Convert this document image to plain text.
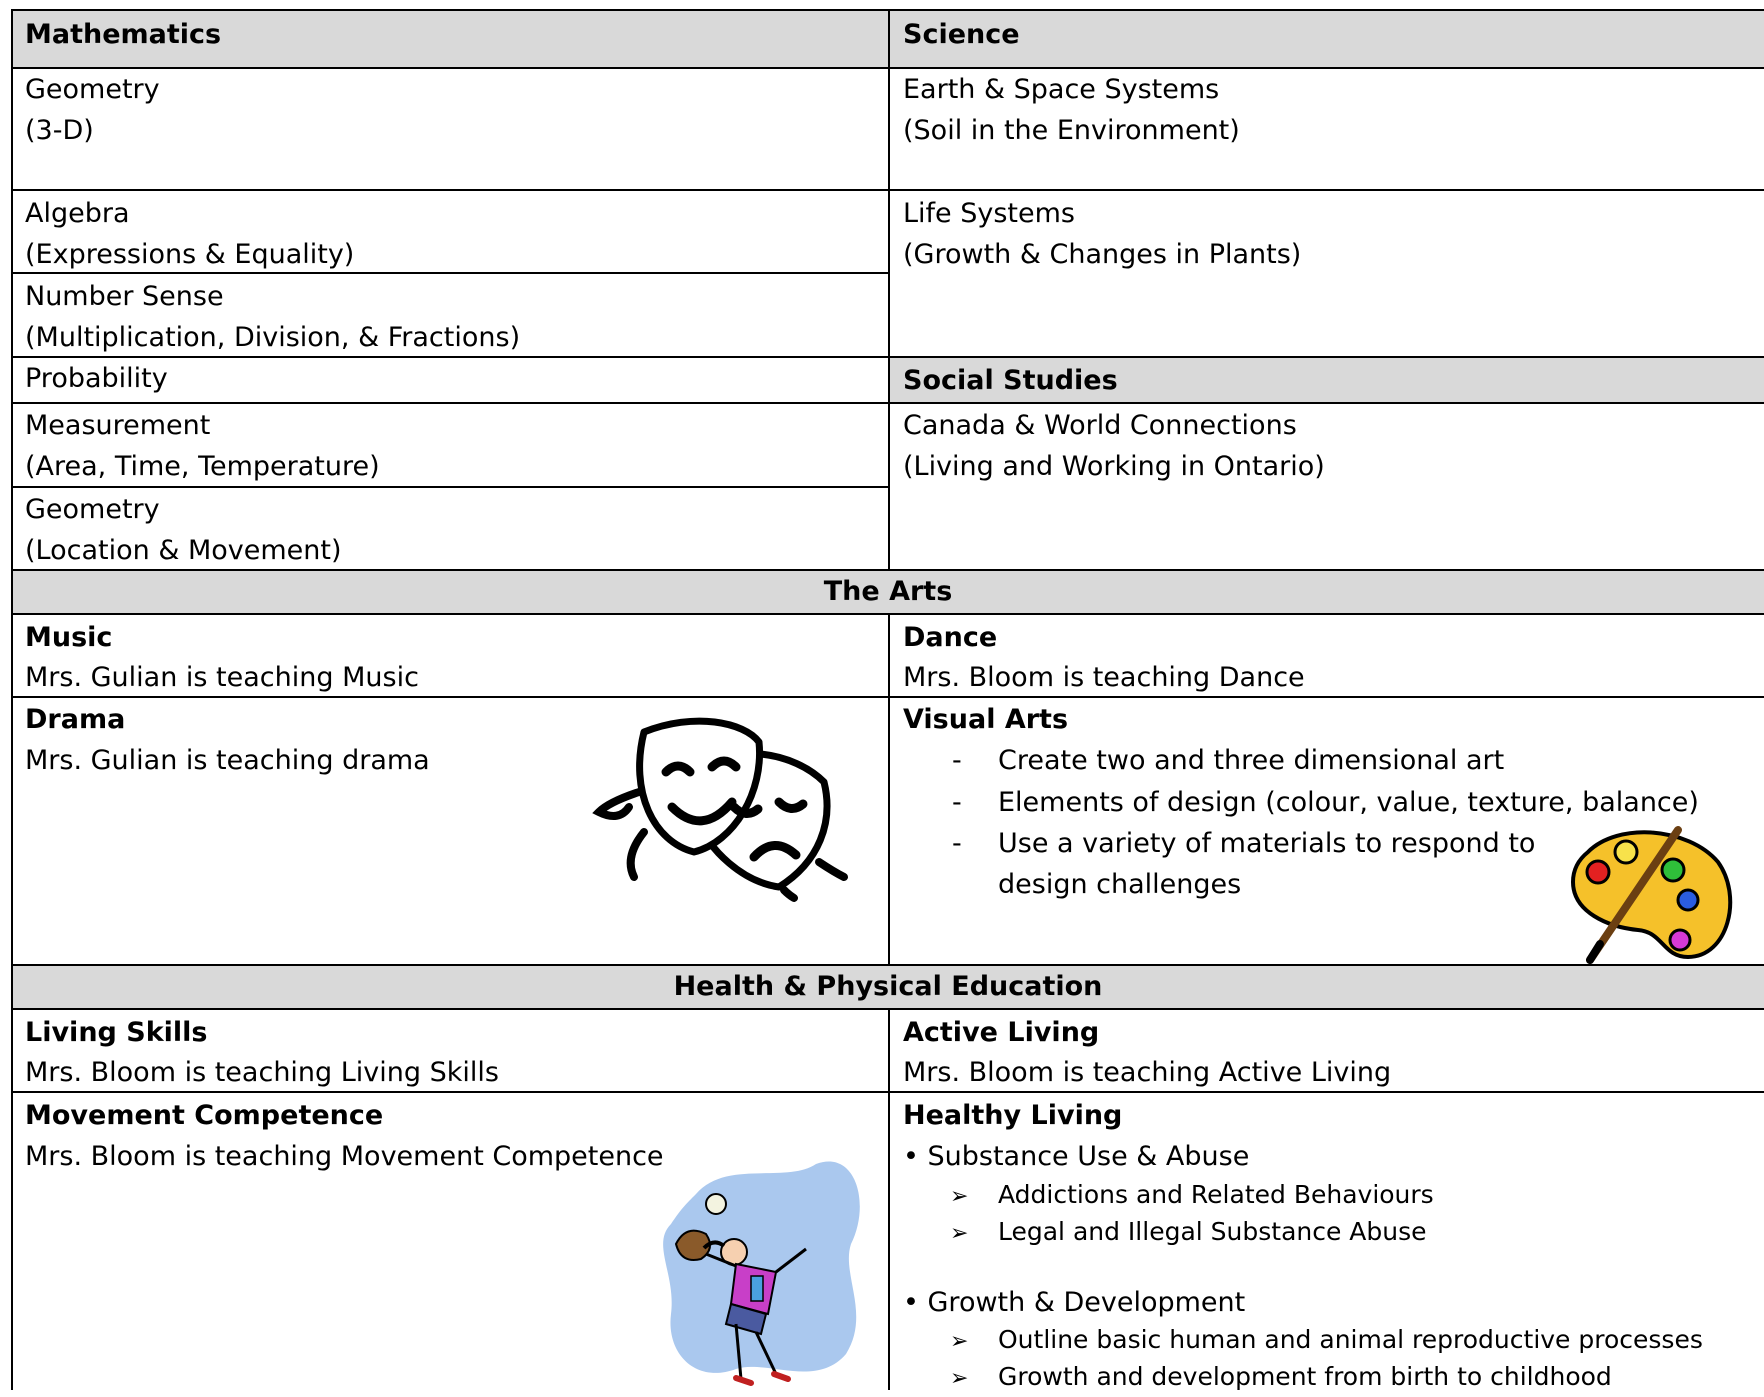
Mathematics
Geometry
(3-D)
Algebra
(Expressions & Equality)
Number Sense
(Multiplication, Division, & Fractions)
Probability
Measurement
(Area, Time, Temperature)
Geometry
(Location & Movement)
Science
Earth & Space Systems
(Soil in the Environment)
Life Systems
(Growth & Changes in Plants)
Social Studies
Canada & World Connections
(Living and Working in Ontario)
The Arts
Music
Mrs. Gulian is teaching Music
Dance
Mrs. Bloom is teaching Dance
Drama
Mrs. Gulian is teaching drama
Visual Arts
- Create two and three dimensional art
- Elements of design (colour, value, texture, balance)
- Use a variety of materials to respond to
design challenges
Health & Physical Education
Living Skills
Mrs. Bloom is teaching Living Skills
Active Living
Mrs. Bloom is teaching Active Living
Movement Competence
Mrs. Bloom is teaching Movement Competence
Healthy Living
• Substance Use & Abuse
➢ Addictions and Related Behaviours
➢ Legal and Illegal Substance Abuse
• Growth & Development
➢ Outline basic human and animal reproductive processes
➢ Growth and development from birth to childhood
